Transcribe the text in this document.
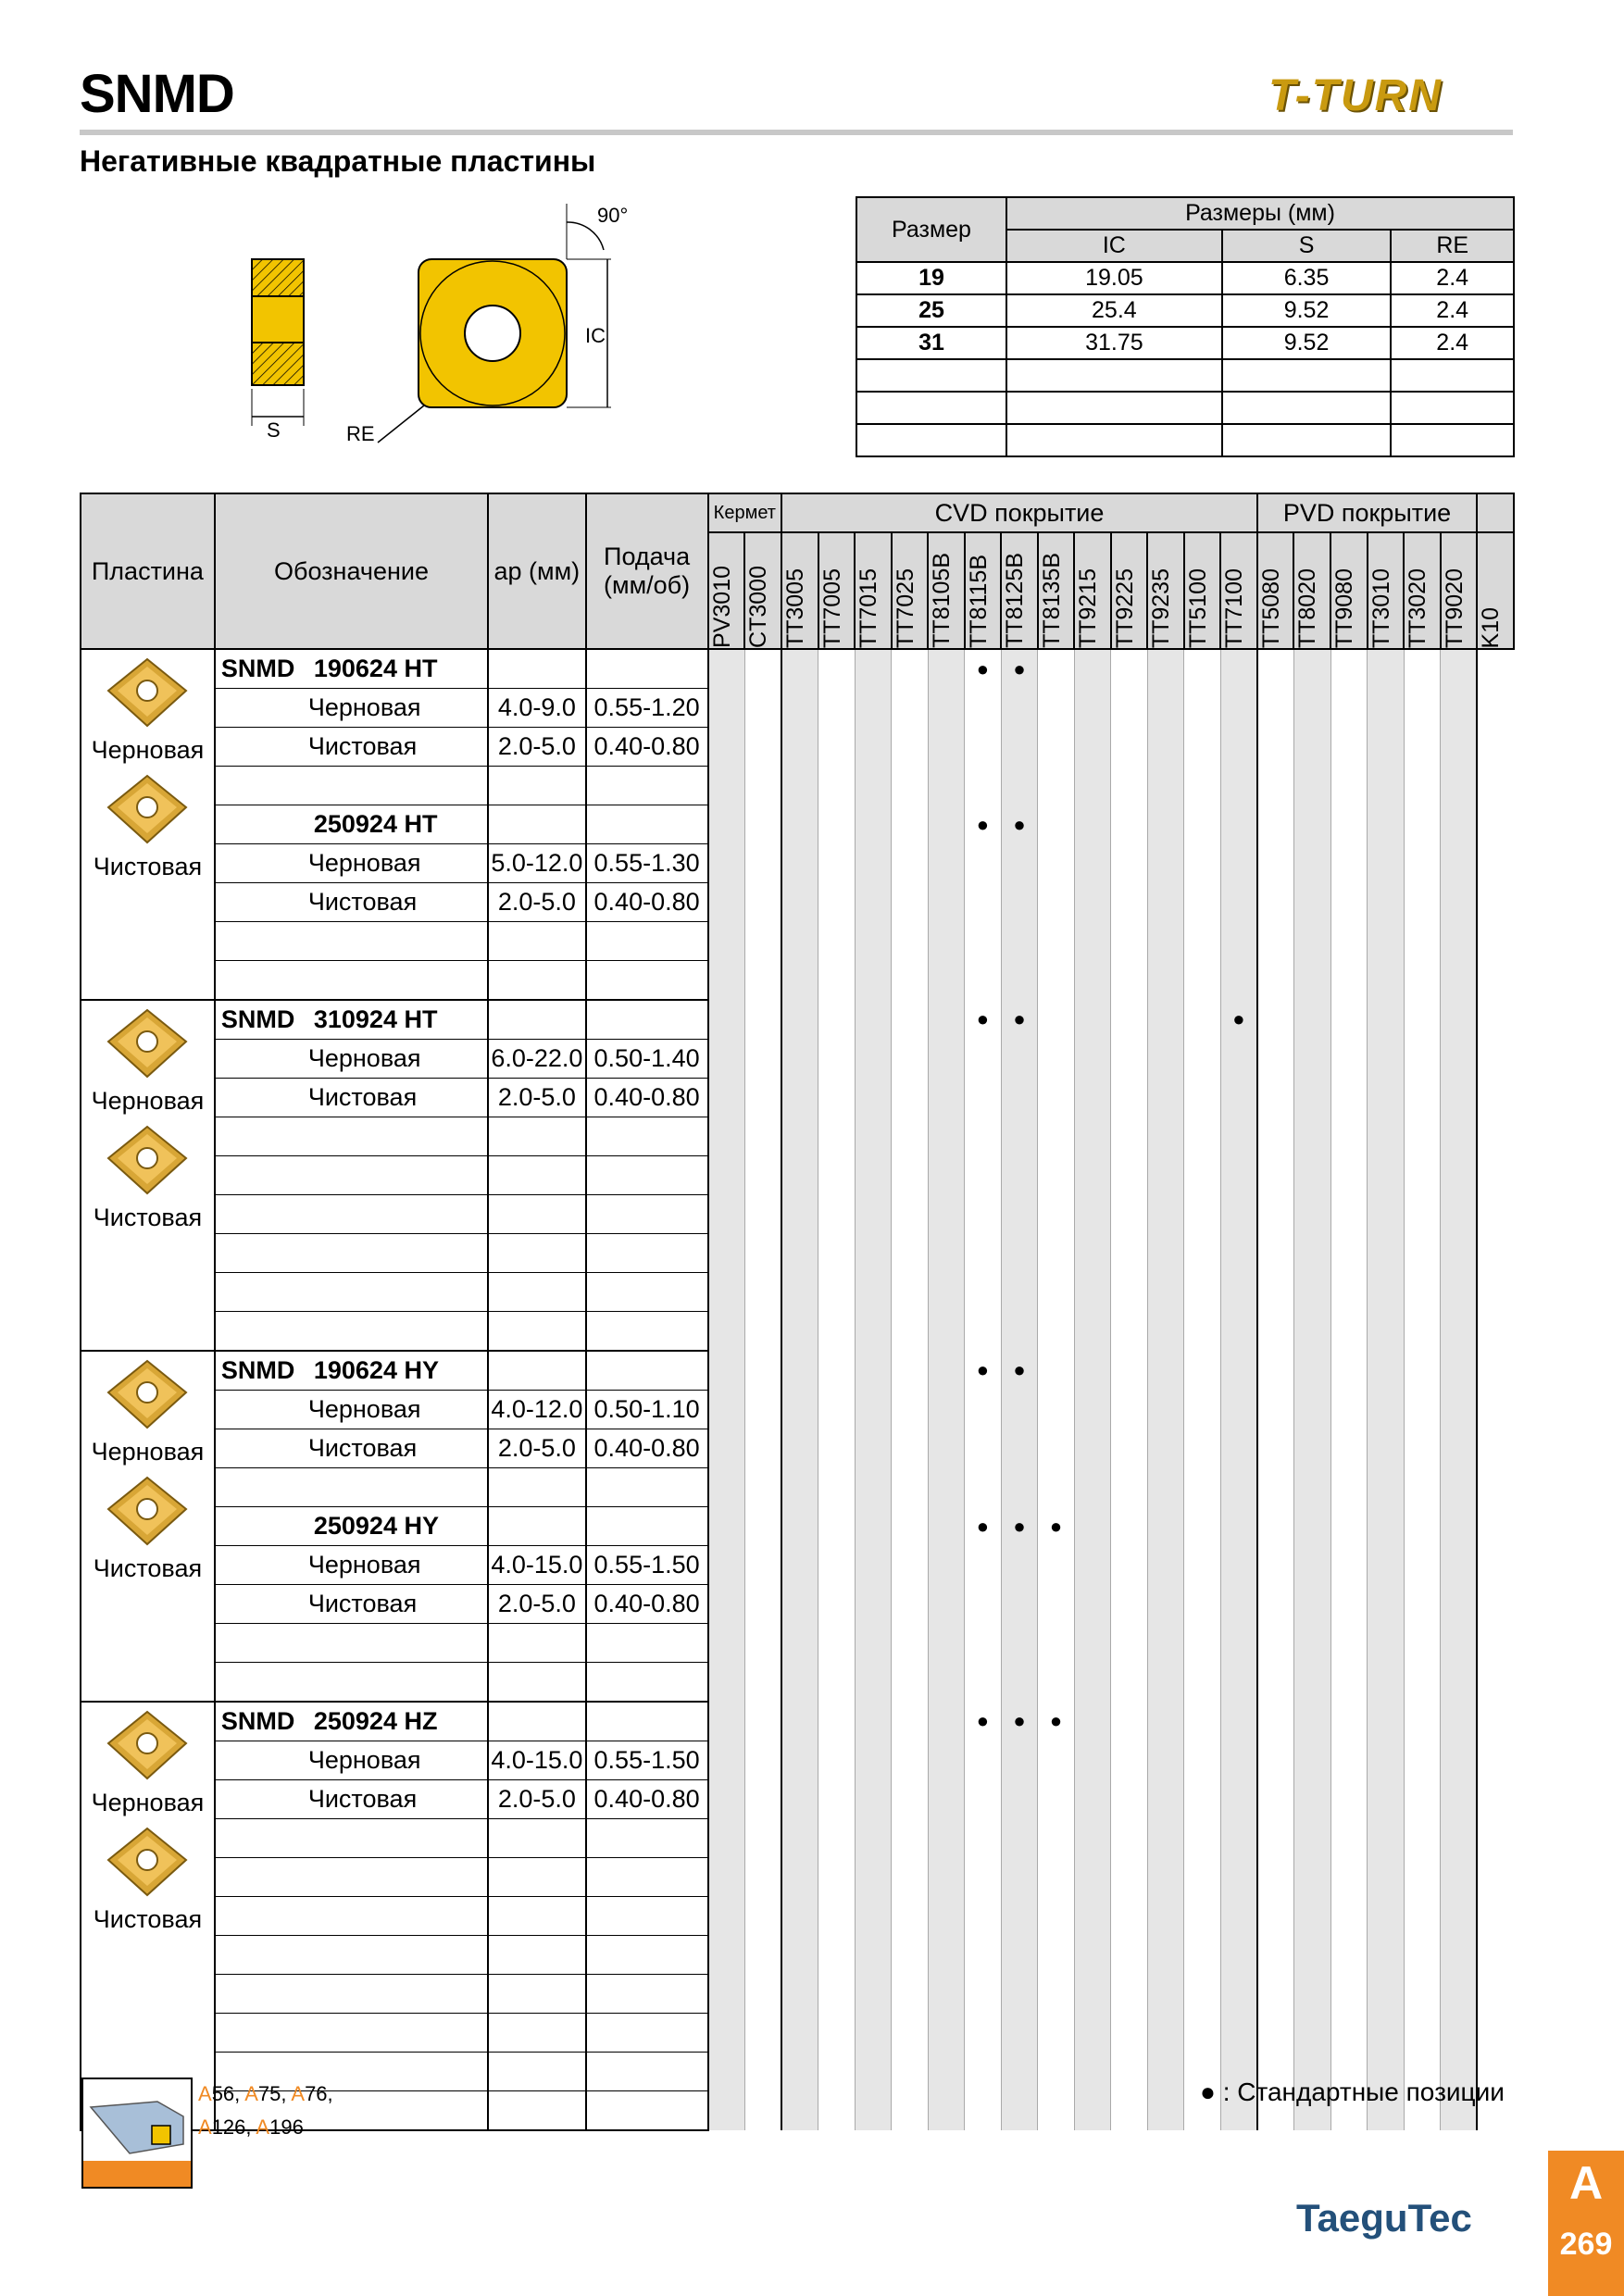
SNMD	T-TURN
Негативные квадратные пластины
S
IC
90°
RE
Размер	Размеры (мм)		
	IC	S	RE
19	19.05	6.35	2.4
25	25.4	9.52	2.4
31	31.75	9.52	2.4

Пластина	Обозначение	ap (мм)	Подача (мм/об)	Кермет		CVD покрытие													PVD покрытие						

				PV3010	CT3000	TT3005	TT7005	TT7015	TT7025	TT8105B	TT8115B	TT8125B	TT8135B	TT9215	TT9225	TT9235	TT5100	TT7100	TT5080	TT8020	TT9080	TT3010	TT3020	TT9020	K10

Черновая
Чистовая	SNMD 190624 HT										●	●													
	Черновая	4.0-9.0	0.55-1.20																						
	Чистовая	2.0-5.0	0.40-0.80																						

	250924 HT										●	●													
	Черновая	5.0-12.0	0.55-1.30																						
	Чистовая	2.0-5.0	0.40-0.80																						

Черновая
Чистовая	SNMD 310924 HT										●	●						●							
	Черновая	6.0-22.0	0.50-1.40																						
	Чистовая	2.0-5.0	0.40-0.80																						

Черновая
Чистовая	SNMD 190624 HY										●	●													
	Черновая	4.0-12.0	0.50-1.10																						
	Чистовая	2.0-5.0	0.40-0.80																						

	250924 HY										●	●	●												
	Черновая	4.0-15.0	0.55-1.50																						
	Чистовая	2.0-5.0	0.40-0.80																						

Черновая
Чистовая	SNMD 250924 HZ										●	●	●												
	Черновая	4.0-15.0	0.55-1.50																						
	Чистовая	2.0-5.0	0.40-0.80																						

A56, A75, A76,
A126, A196
● : Стандартные позиции
TaeguTec
A
269
